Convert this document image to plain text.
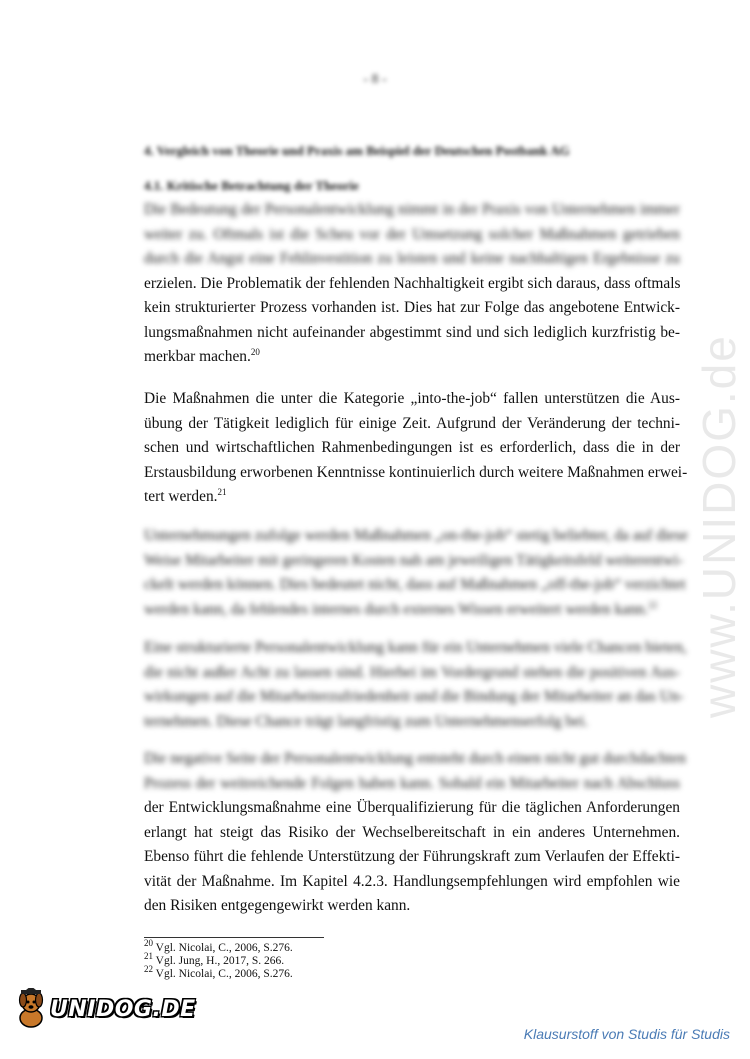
- 8 -
4. Vergleich von Theorie und Praxis am Beispiel der Deutschen Postbank AG
4.1. Kritische Betrachtung der Theorie
Die Bedeutung der Personalentwicklung nimmt in der Praxis von Unternehmen immer
weiter zu. Oftmals ist die Scheu vor der Umsetzung solcher Maßnahmen getrieben
durch die Angst eine Fehlinvestition zu leisten und keine nachhaltigen Ergebnisse zu
erzielen. Die Problematik der fehlenden Nachhaltigkeit ergibt sich daraus, dass oftmals
kein strukturierter Prozess vorhanden ist. Dies hat zur Folge das angebotene Entwick-
lungsmaßnahmen nicht aufeinander abgestimmt sind und sich lediglich kurzfristig be-
merkbar machen.$^{20}$
Die Maßnahmen die unter die Kategorie „into-the-job“ fallen unterstützen die Aus-
übung der Tätigkeit lediglich für einige Zeit. Aufgrund der Veränderung der techni-
schen und wirtschaftlichen Rahmenbedingungen ist es erforderlich, dass die in der
Erstausbildung erworbenen Kenntnisse kontinuierlich durch weitere Maßnahmen erwei-
tert werden.$^{21}$
Unternehmungen zufolge werden Maßnahmen „on-the-job“ stetig beliebter, da auf diese
Weise Mitarbeiter mit geringeren Kosten nah am jeweiligen Tätigkeitsfeld weiterentwi-
ckelt werden können. Dies bedeutet nicht, dass auf Maßnahmen „off-the-job“ verzichtet
werden kann, da fehlendes internes durch externes Wissen erweitert werden kann.$^{22}$
Eine strukturierte Personalentwicklung kann für ein Unternehmen viele Chancen bieten,
die nicht außer Acht zu lassen sind. Hierbei im Vordergrund stehen die positiven Aus-
wirkungen auf die Mitarbeiterzufriedenheit und die Bindung der Mitarbeiter an das Un-
ternehmen. Diese Chance trägt langfristig zum Unternehmenserfolg bei.
Die negative Seite der Personalentwicklung entsteht durch einen nicht gut durchdachten
Prozess der weitreichende Folgen haben kann. Sobald ein Mitarbeiter nach Abschluss
der Entwicklungsmaßnahme eine Überqualifizierung für die täglichen Anforderungen
erlangt hat steigt das Risiko der Wechselbereitschaft in ein anderes Unternehmen.
Ebenso führt die fehlende Unterstützung der Führungskraft zum Verlaufen der Effekti-
vität der Maßnahme. Im Kapitel 4.2.3. Handlungsempfehlungen wird empfohlen wie
den Risiken entgegengewirkt werden kann.
$^{20}$ Vgl. Nicolai, C., 2006, S.276.
$^{21}$ Vgl. Jung, H., 2017, S. 266.
$^{22}$ Vgl. Nicolai, C., 2006, S.276.
www.UNIDOG.de
UNIDOG.DE
Klausurstoff von Studis für Studis
